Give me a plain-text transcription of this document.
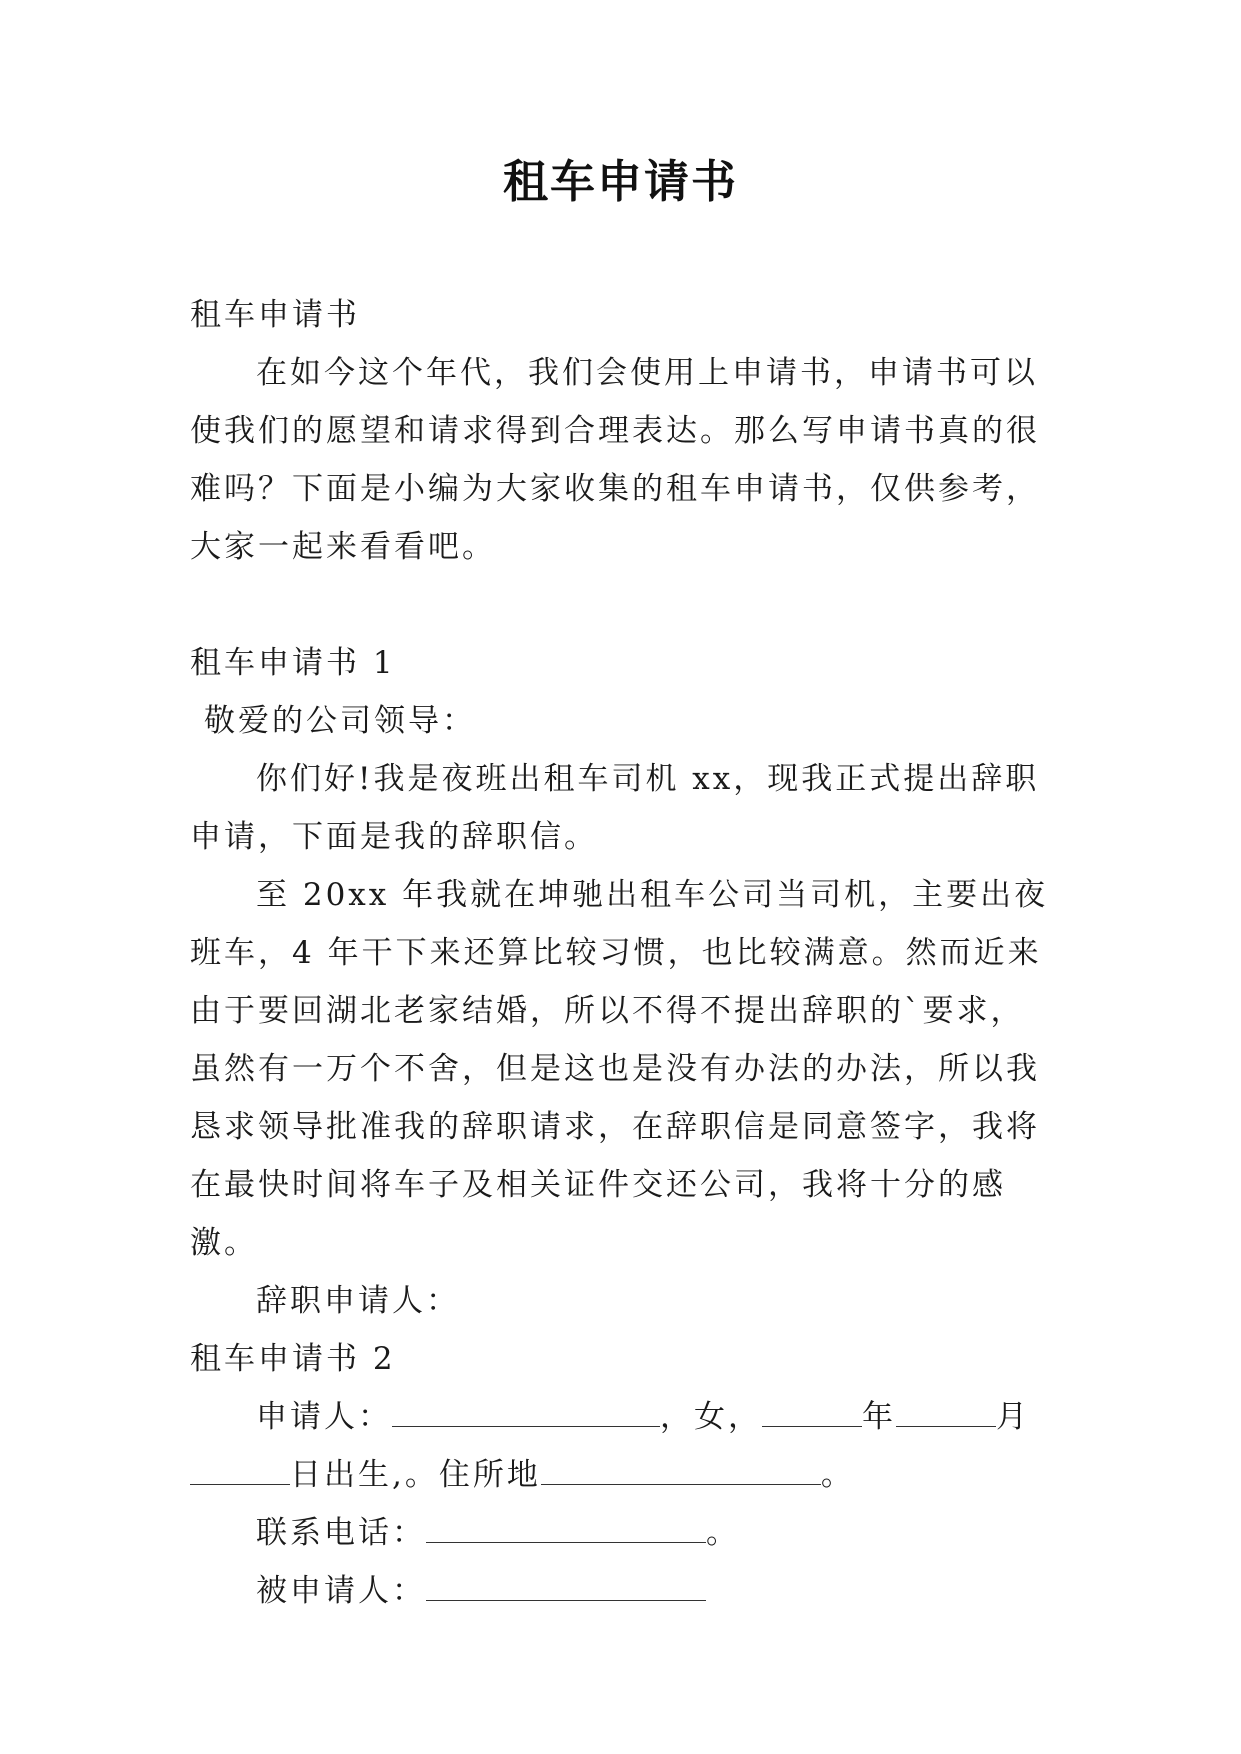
租车申请书

租车申请书

在如今这个年代，我们会使用上申请书，申请书可以使我们的愿望和请求得到合理表达。那么写申请书真的很难吗？下面是小编为大家收集的租车申请书，仅供参考，大家一起来看看吧。

租车申请书 1

敬爱的公司领导：

你们好!我是夜班出租车司机 xx，现我正式提出辞职申请，下面是我的辞职信。

至 20xx 年我就在坤驰出租车公司当司机，主要出夜班车，4 年干下来还算比较习惯，也比较满意。然而近来由于要回湖北老家结婚，所以不得不提出辞职的`要求，虽然有一万个不舍，但是这也是没有办法的办法，所以我恳求领导批准我的辞职请求，在辞职信是同意签字，我将在最快时间将车子及相关证件交还公司，我将十分的感激。

辞职申请人：

租车申请书 2

申请人：	，女，	年	月日出生,。住所地	。

联系电话：	。

被申请人：
